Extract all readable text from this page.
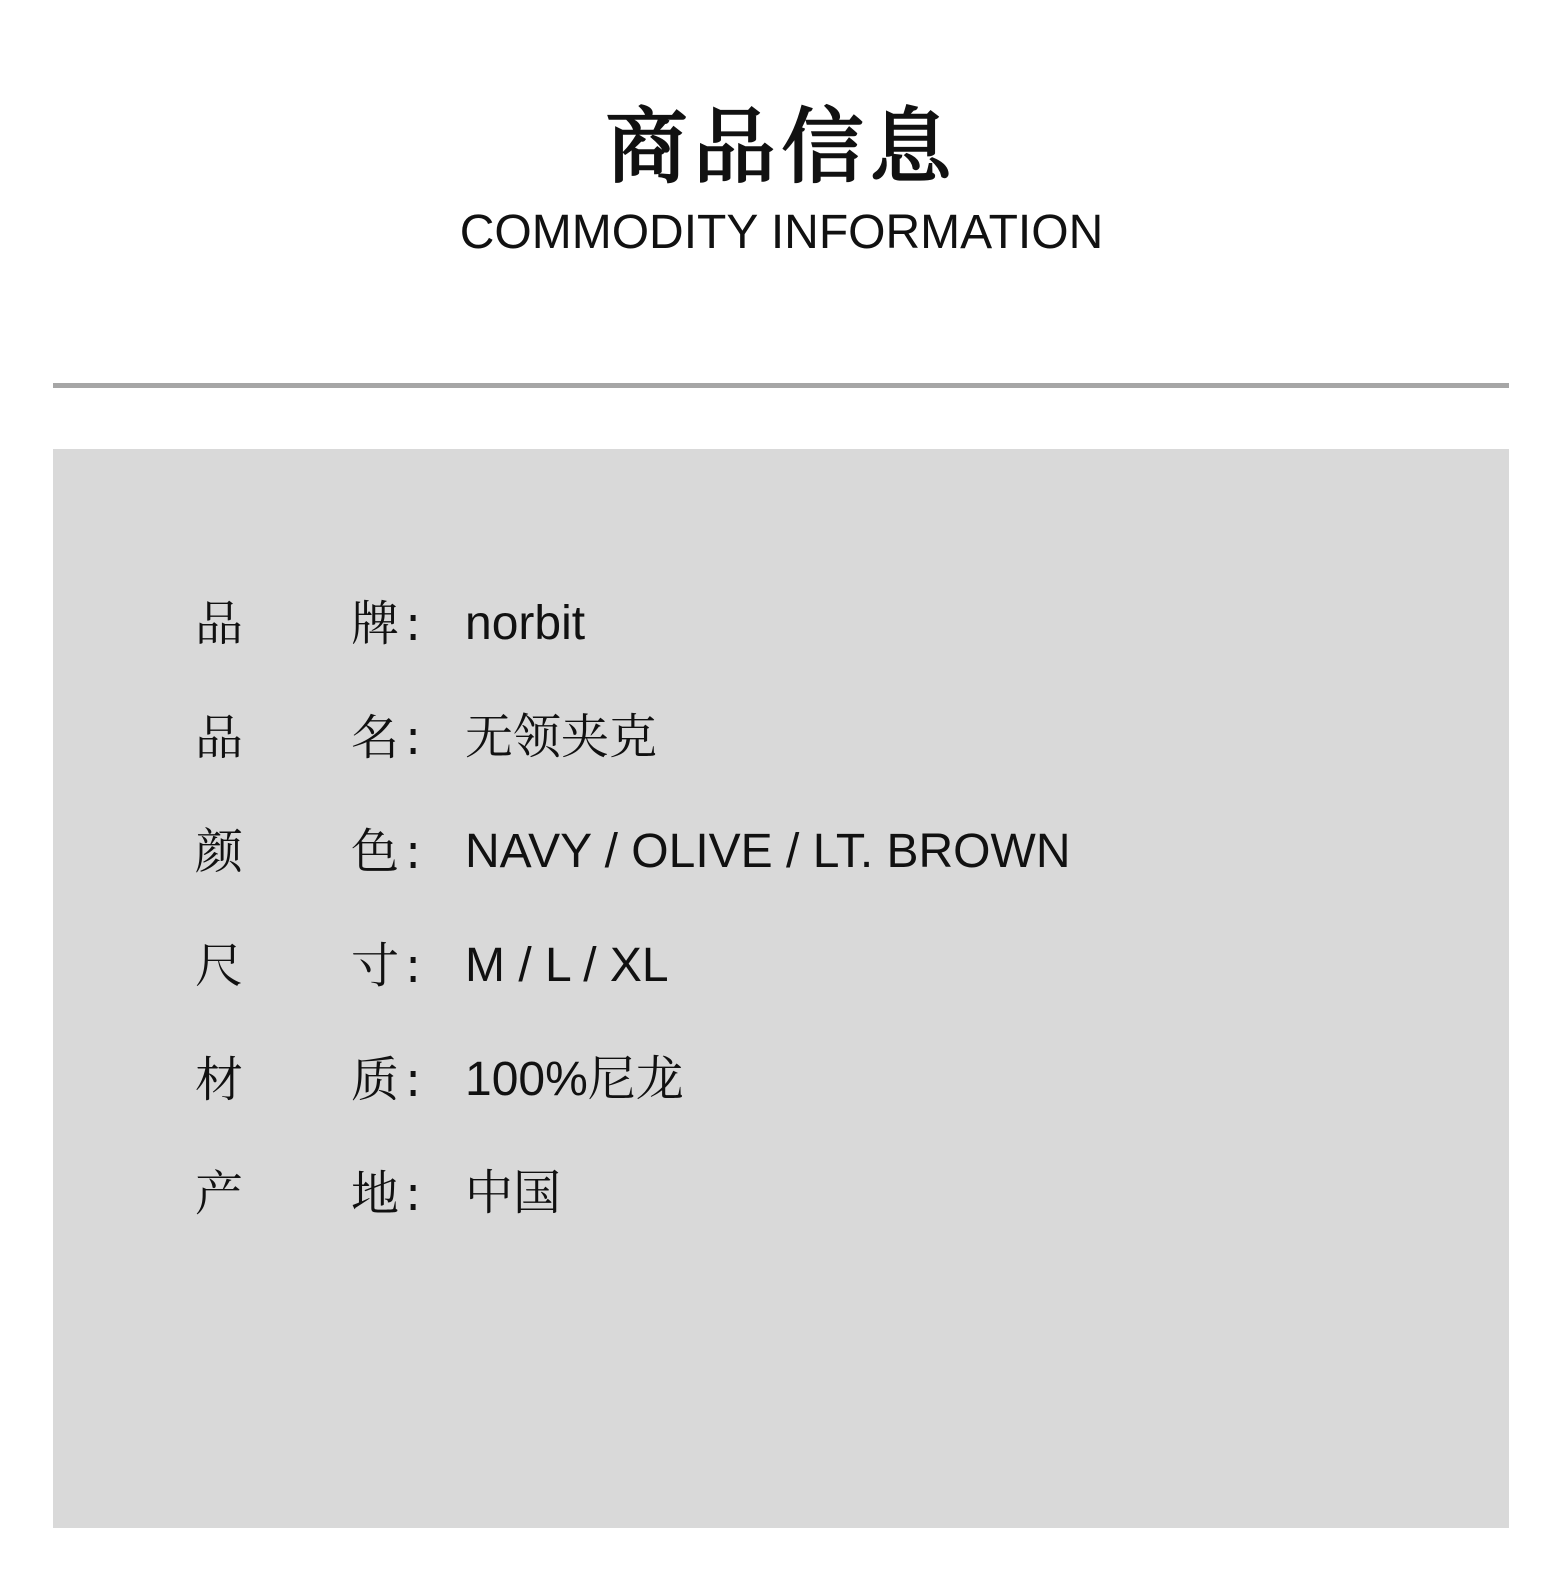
商品信息
COMMODITY INFORMATION
品 牌 : norbit
品 名 : 无领夹克
颜 色 : NAVY / OLIVE / LT. BROWN
尺 寸 : M / L / XL
材 质 : 100%尼龙
产 地 : 中国
